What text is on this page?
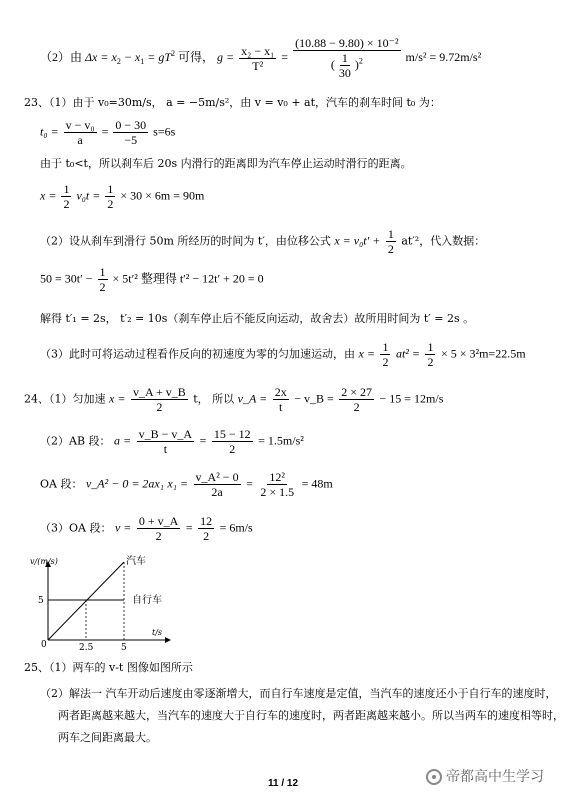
（2）由 $\Delta x = x_2 - x_1 = gT^2$ 可得， $g = \frac{\text{x₂ − x₁}}{\text{T²}} = \frac{\text{(10.88 − 9.80) × 10⁻²}}{( \frac{1}{30} )^2} m/s^2 = 9.72m/s^2$
23、（1）由于 v₀=30m/s， a = −5m/s²，由 v = v₀ + at，汽车的刹车时间 t₀ 为：
$t_0 = \frac{\text{v − v₀}}{a} = \frac{0 - 30}{-5} s=6s$
由于 t₀<t，所以刹车后 20s 内滑行的距离即为汽车停止运动时滑行的距离。
$x = \frac{1}{2} v_0t = \frac{1}{2} \times 30 \times 6m = 90m$
（2）设从刹车到滑行 50m 所经历的时间为 t′，由位移公式 $x = v_0t' + \frac{1}{2} at'^2$，代入数据：
$50 = 30t' - \frac{1}{2} \times 5t'^2$ 整理得 t′² − 12t′ + 20 = 0
解得 t′₁ = 2s， t′₂ = 10s（刹车停止后不能反向运动，故舍去）故所用时间为 t′ = 2s 。
（3）此时可将运动过程看作反向的初速度为零的匀加速运动，由 $x = \frac{1}{2} at^2 = \frac{1}{2} \times 5 \times 3^2m=22.5m$
24、（1）匀加速 $x = \frac{v\_A + v\_B}{2}$ t， 所以 v_A = $\frac{2x}{t}$ − v_B = $\frac{2 \times 27}{2} - 15 = 12m/s$
（2）AB 段： $a = \frac{v\_B - v\_A}{t} = \frac{15 - 12}{2} = 1.5m/s^2$
OA 段： v_A² − 0 = 2ax₁ $x_1 = \frac{\text{v\_A² − 0}}{2a} = \frac{\text{12²}}{2 \times 1.5} = 48m$
（3）OA 段： $v = \frac{0 + v\_A}{2} = \frac{12}{2} = 6m/s$
v/(m/s)	汽车
自行车
5
0	2.5	5
t/s
25、（1）两车的 v-t 图像如图所示
（2）解法一 汽车开动后速度由零逐渐增大，而自行车速度是定值，当汽车的速度还小于自行车的速度时，
两者距离越来越大，当汽车的速度大于自行车的速度时，两者距离越来越小。所以当两车的速度相等时，
两车之间距离最大。
11 / 12	帝都高中生学习
